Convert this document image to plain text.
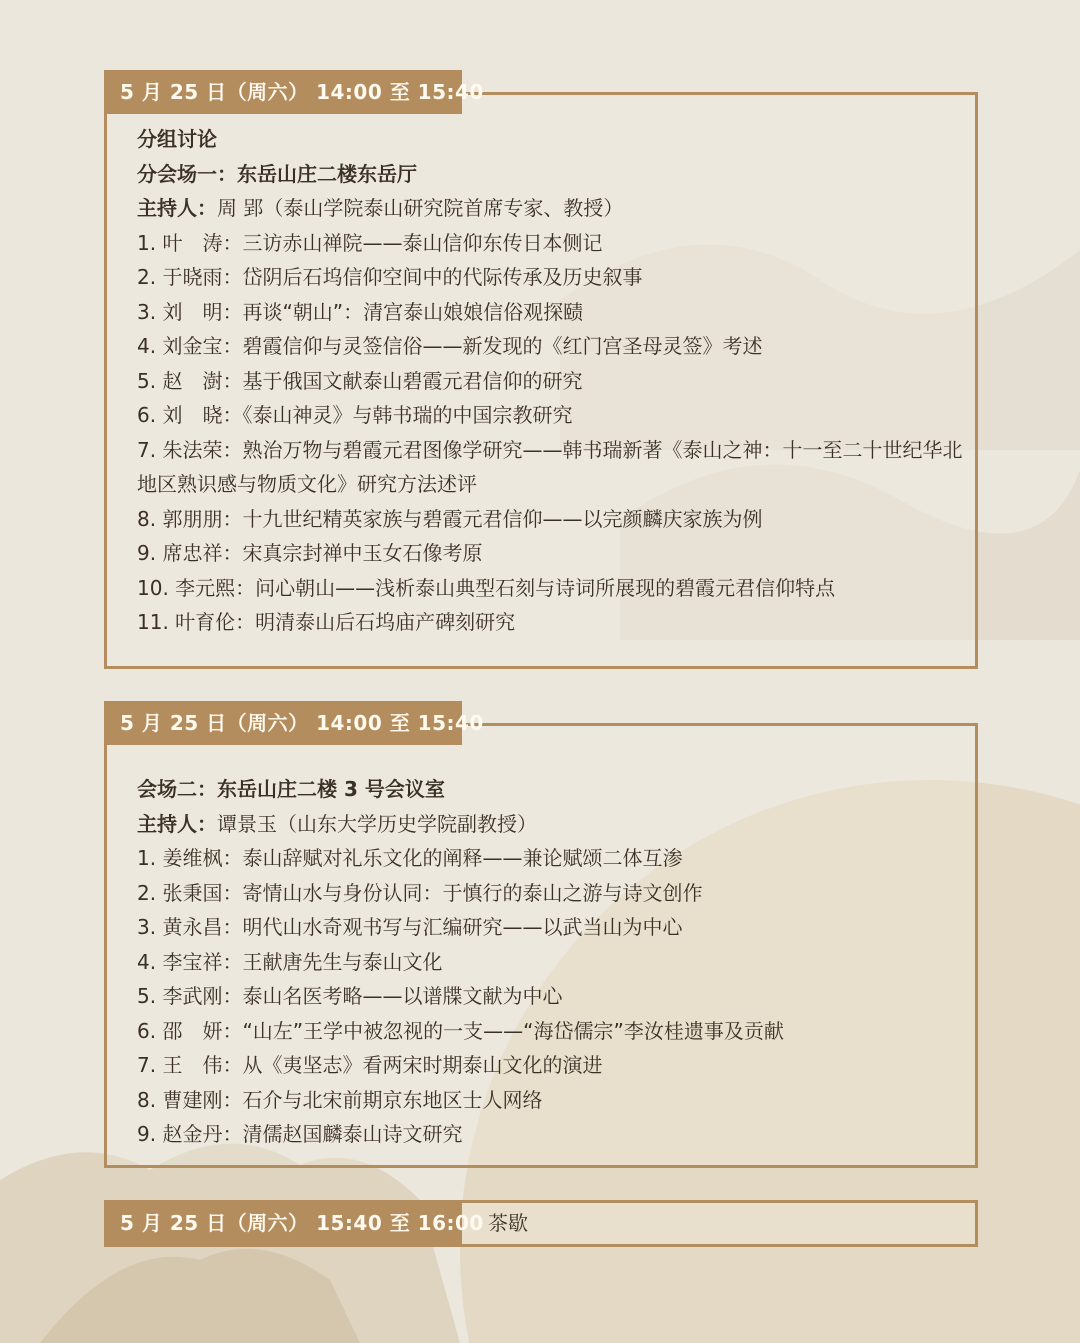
5 月 25 日（周六） 14:00 至 15:40
分组讨论
分会场一：东岳山庄二楼东岳厅
主持人：周 郢（泰山学院泰山研究院首席专家、教授）
1. 叶　涛：三访赤山禅院——泰山信仰东传日本侧记
2. 于晓雨：岱阴后石坞信仰空间中的代际传承及历史叙事
3. 刘　明：再谈“朝山”：清宫泰山娘娘信俗观探赜
4. 刘金宝：碧霞信仰与灵签信俗——新发现的《红门宫圣母灵签》考述
5. 赵　澍：基于俄国文献泰山碧霞元君信仰的研究
6. 刘　晓：《泰山神灵》与韩书瑞的中国宗教研究
7. 朱法荣：熟治万物与碧霞元君图像学研究——韩书瑞新著《泰山之神：十一至二十世纪华北地区熟识感与物质文化》研究方法述评
8. 郭朋朋：十九世纪精英家族与碧霞元君信仰——以完颜麟庆家族为例
9. 席忠祥：宋真宗封禅中玉女石像考原
10. 李元熙：问心朝山——浅析泰山典型石刻与诗词所展现的碧霞元君信仰特点
11. 叶育伦：明清泰山后石坞庙产碑刻研究
5 月 25 日（周六） 14:00 至 15:40
会场二：东岳山庄二楼 3 号会议室
主持人：谭景玉（山东大学历史学院副教授）
1. 姜维枫：泰山辞赋对礼乐文化的阐释——兼论赋颂二体互渗
2. 张秉国：寄情山水与身份认同：于慎行的泰山之游与诗文创作
3. 黄永昌：明代山水奇观书写与汇编研究——以武当山为中心
4. 李宝祥：王献唐先生与泰山文化
5. 李武刚：泰山名医考略——以谱牒文献为中心
6. 邵　妍：“山左”王学中被忽视的一支——“海岱儒宗”李汝桂遗事及贡献
7. 王　伟：从《夷坚志》看两宋时期泰山文化的演进
8. 曹建刚：石介与北宋前期京东地区士人网络
9. 赵金丹：清儒赵国麟泰山诗文研究
5 月 25 日（周六） 15:40 至 16:00 茶歇
